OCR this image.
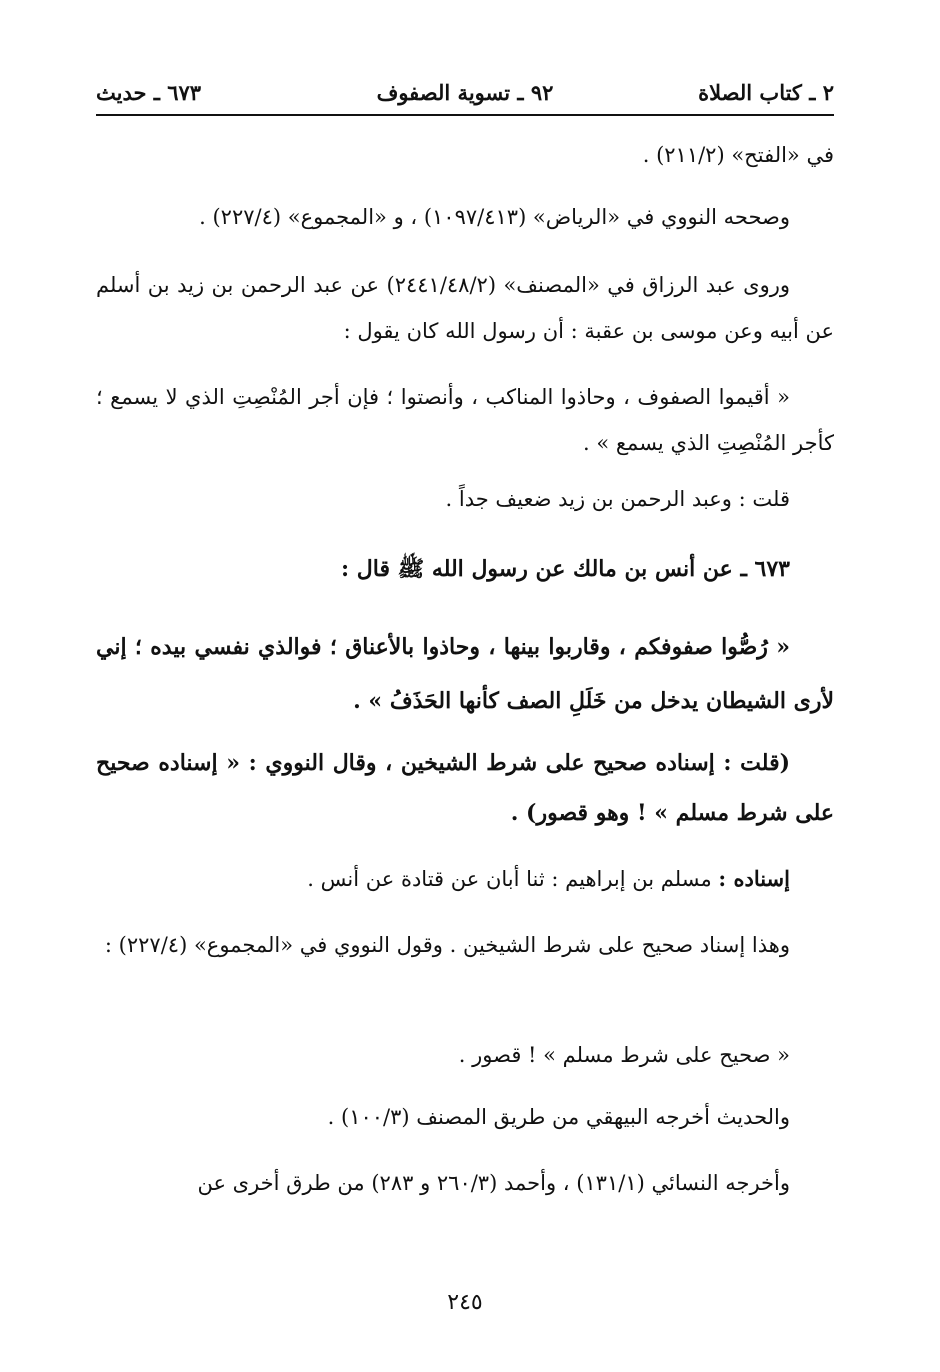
٢ ـ كتاب الصلاة
٩٢ ـ تسوية الصفوف
٦٧٣ ـ حديث

في «الفتح» (٢١١/٢) .

وصححه النووي في «الرياض» (١٠٩٧/٤١٣) ، و «المجموع» (٢٢٧/٤) .

وروى عبد الرزاق في «المصنف» (٢٤٤١/٤٨/٢) عن عبد الرحمن بن زيد بن أسلم عن أبيه وعن موسى بن عقبة : أن رسول الله كان يقول :

« أقيموا الصفوف ، وحاذوا المناكب ، وأنصتوا ؛ فإن أجر المُنْصِتِ الذي لا يسمع ؛ كأجر المُنْصِتِ الذي يسمع » .

قلت : وعبد الرحمن بن زيد ضعيف جداً .

٦٧٣ ـ عن أنس بن مالك عن رسول الله ﷺ قال :

« رُصُّوا صفوفكم ، وقاربوا بينها ، وحاذوا بالأعناق ؛ فوالذي نفسي بيده ؛ إني لأرى الشيطان يدخل من خَلَلِ الصف كأنها الحَذَفُ » .

(قلت : إسناده صحيح على شرط الشيخين ، وقال النووي : « إسناده صحيح على شرط مسلم » ! وهو قصور) .

إسناده : مسلم بن إبراهيم : ثنا أبان عن قتادة عن أنس .

وهذا إسناد صحيح على شرط الشيخين . وقول النووي في «المجموع» (٢٢٧/٤) :

« صحيح على شرط مسلم » ! قصور .

والحديث أخرجه البيهقي من طريق المصنف (١٠٠/٣) .

وأخرجه النسائي (١٣١/١) ، وأحمد (٢٦٠/٣ و ٢٨٣) من طرق أخرى عن

٢٤٥
